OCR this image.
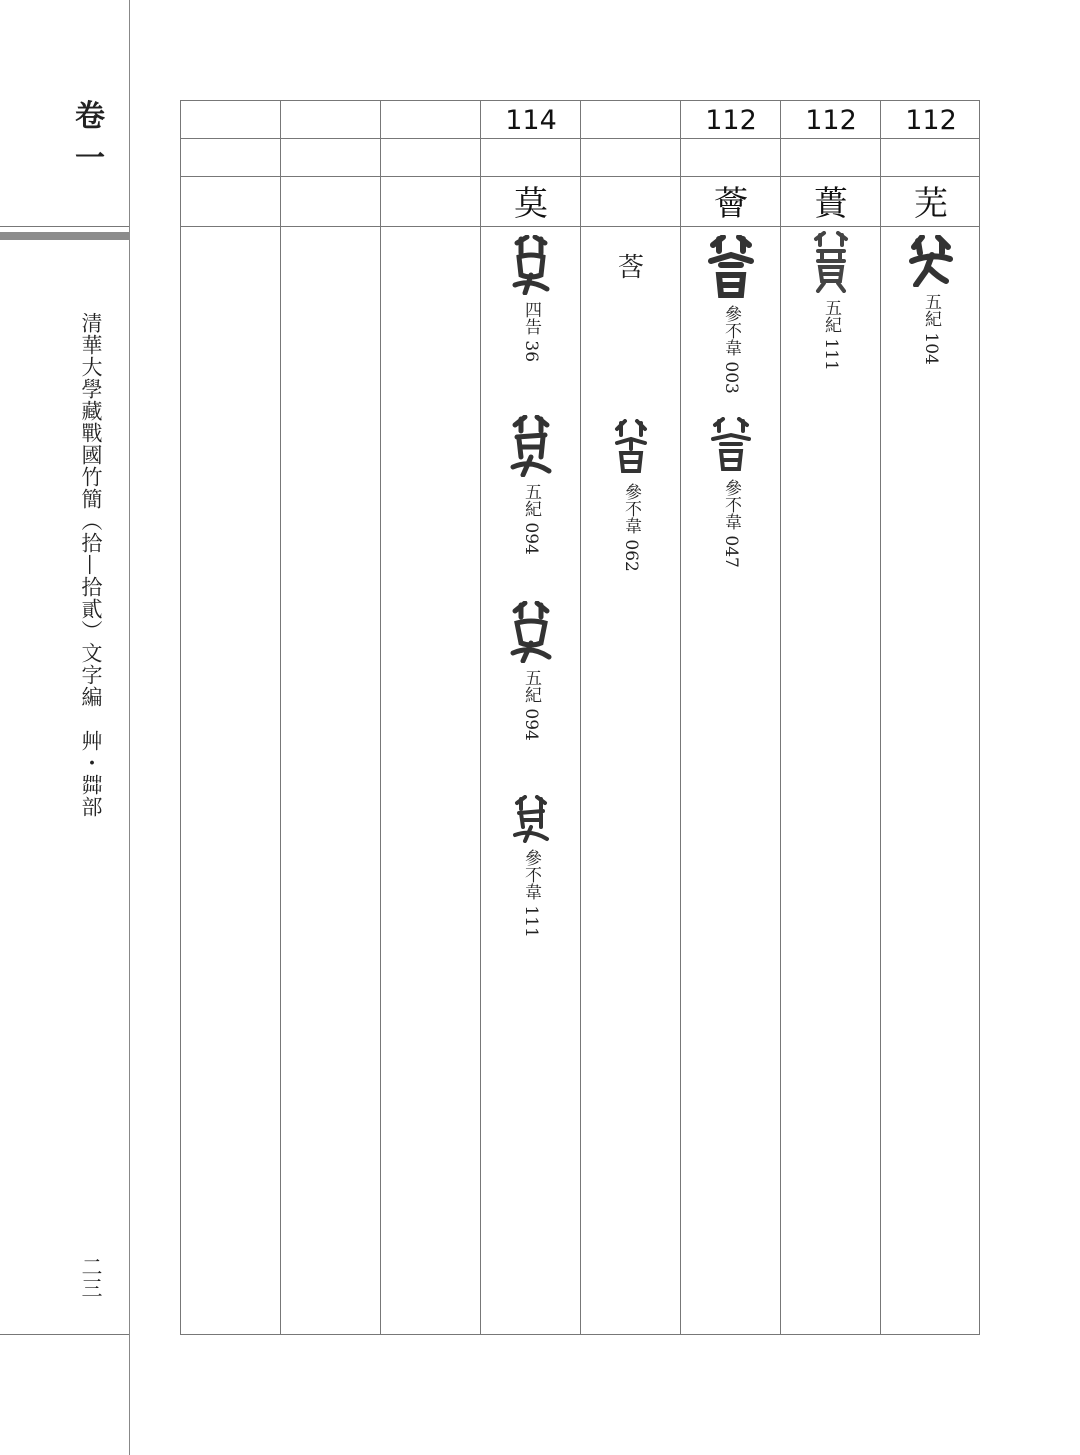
卷一
清華大學藏戰國竹簡（拾—拾貳）文字編　艸・茻部
二三
114
莫
四告 36
五紀 094
五紀 094
參不韋 111
莟
參不韋 062
112
薈
參不韋 003
參不韋 047
112
蕢
五紀 111
112
芜
五紀 104
